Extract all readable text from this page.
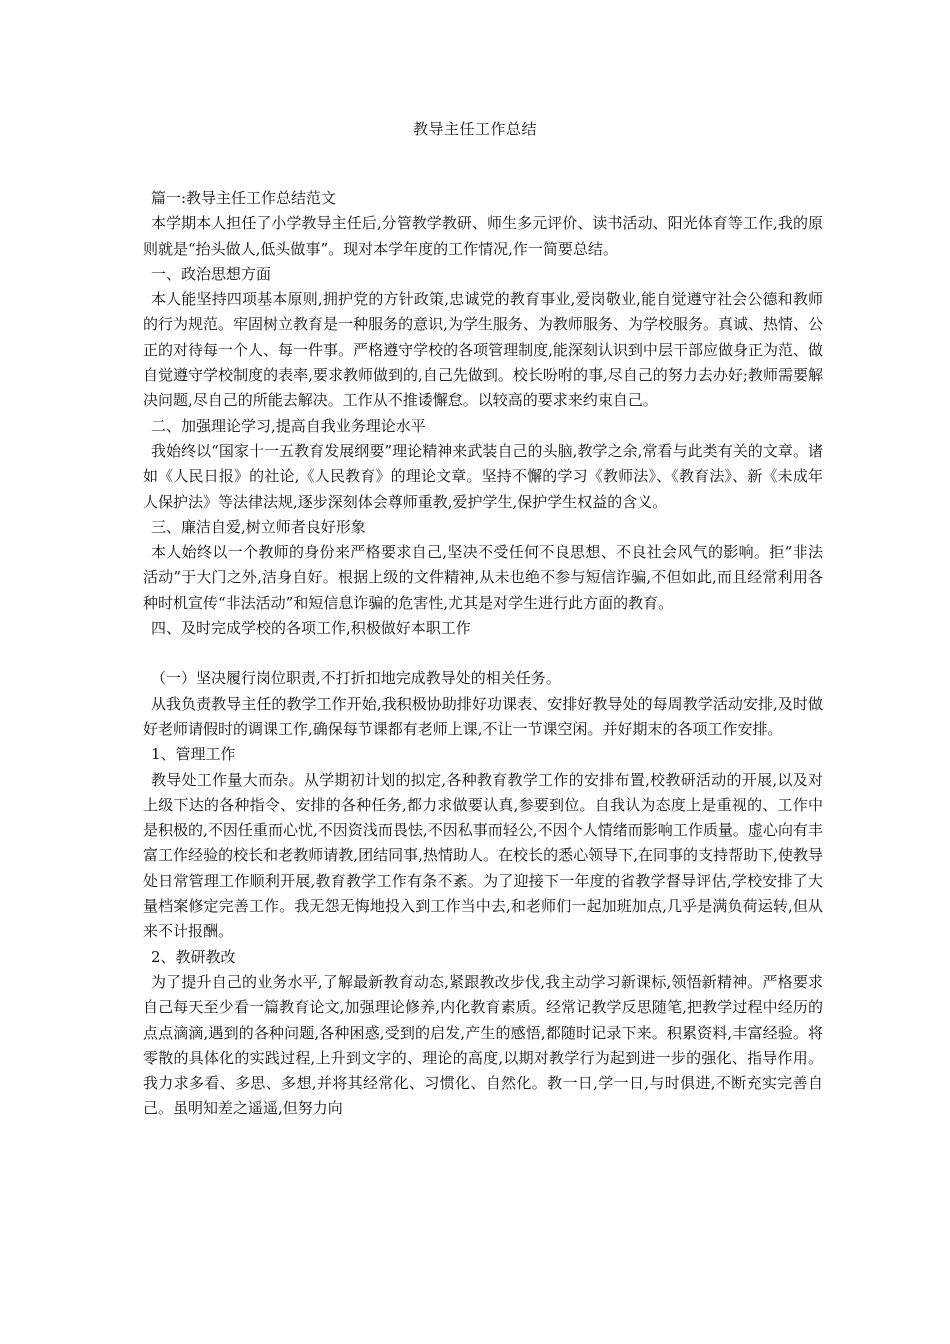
教导主任工作总结

篇一:教导主任工作总结范文

本学期本人担任了小学教导主任后,分管教学教研、师生多元评价、读书活动、阳光体育等工作,我的原则就是“抬头做人,低头做事”。现对本学年度的工作情况,作一简要总结。

一、政治思想方面

本人能坚持四项基本原则,拥护党的方针政策,忠诚党的教育事业,爱岗敬业,能自觉遵守社会公德和教师的行为规范。牢固树立教育是一种服务的意识,为学生服务、为教师服务、为学校服务。真诚、热情、公正的对待每一个人、每一件事。严格遵守学校的各项管理制度,能深刻认识到中层干部应做身正为范、做自觉遵守学校制度的表率,要求教师做到的,自己先做到。校长吩咐的事,尽自己的努力去办好;教师需要解决问题,尽自己的所能去解决。工作从不推诿懈怠。以较高的要求来约束自己。

二、加强理论学习,提高自我业务理论水平

我始终以“国家十一五教育发展纲要”理论精神来武装自己的头脑,教学之余,常看与此类有关的文章。诸如《人民日报》的社论,《人民教育》的理论文章。坚持不懈的学习《教师法》、《教育法》、新《未成年人保护法》等法律法规,逐步深刻体会尊师重教,爱护学生,保护学生权益的含义。

三、廉洁自爱,树立师者良好形象

本人始终以一个教师的身份来严格要求自己,坚决不受任何不良思想、不良社会风气的影响。拒“非法活动”于大门之外,洁身自好。根据上级的文件精神,从未也绝不参与短信诈骗,不但如此,而且经常利用各种时机宣传“非法活动”和短信息诈骗的危害性,尤其是对学生进行此方面的教育。

四、及时完成学校的各项工作,积极做好本职工作

（一）坚决履行岗位职责,不打折扣地完成教导处的相关任务。

从我负责教导主任的教学工作开始,我积极协助排好功课表、安排好教导处的每周教学活动安排,及时做好老师请假时的调课工作,确保每节课都有老师上课,不让一节课空闲。并好期末的各项工作安排。

1、管理工作

教导处工作量大而杂。从学期初计划的拟定,各种教育教学工作的安排布置,校教研活动的开展,以及对上级下达的各种指令、安排的各种任务,都力求做要认真,参要到位。自我认为态度上是重视的、工作中是积极的,不因任重而心忧,不因资浅而畏怯,不因私事而轻公,不因个人情绪而影响工作质量。虚心向有丰富工作经验的校长和老教师请教,团结同事,热情助人。在校长的悉心领导下,在同事的支持帮助下,使教导处日常管理工作顺利开展,教育教学工作有条不紊。为了迎接下一年度的省教学督导评估,学校安排了大量档案修定完善工作。我无怨无悔地投入到工作当中去,和老师们一起加班加点,几乎是满负荷运转,但从来不计报酬。

2、教研教改

为了提升自己的业务水平,了解最新教育动态,紧跟教改步伐,我主动学习新课标,领悟新精神。严格要求自己每天至少看一篇教育论文,加强理论修养,内化教育素质。经常记教学反思随笔,把教学过程中经历的点点滴滴,遇到的各种问题,各种困惑,受到的启发,产生的感悟,都随时记录下来。积累资料,丰富经验。将零散的具体化的实践过程,上升到文字的、理论的高度,以期对教学行为起到进一步的强化、指导作用。我力求多看、多思、多想,并将其经常化、习惯化、自然化。教一日,学一日,与时俱进,不断充实完善自己。虽明知差之遥遥,但努力向
